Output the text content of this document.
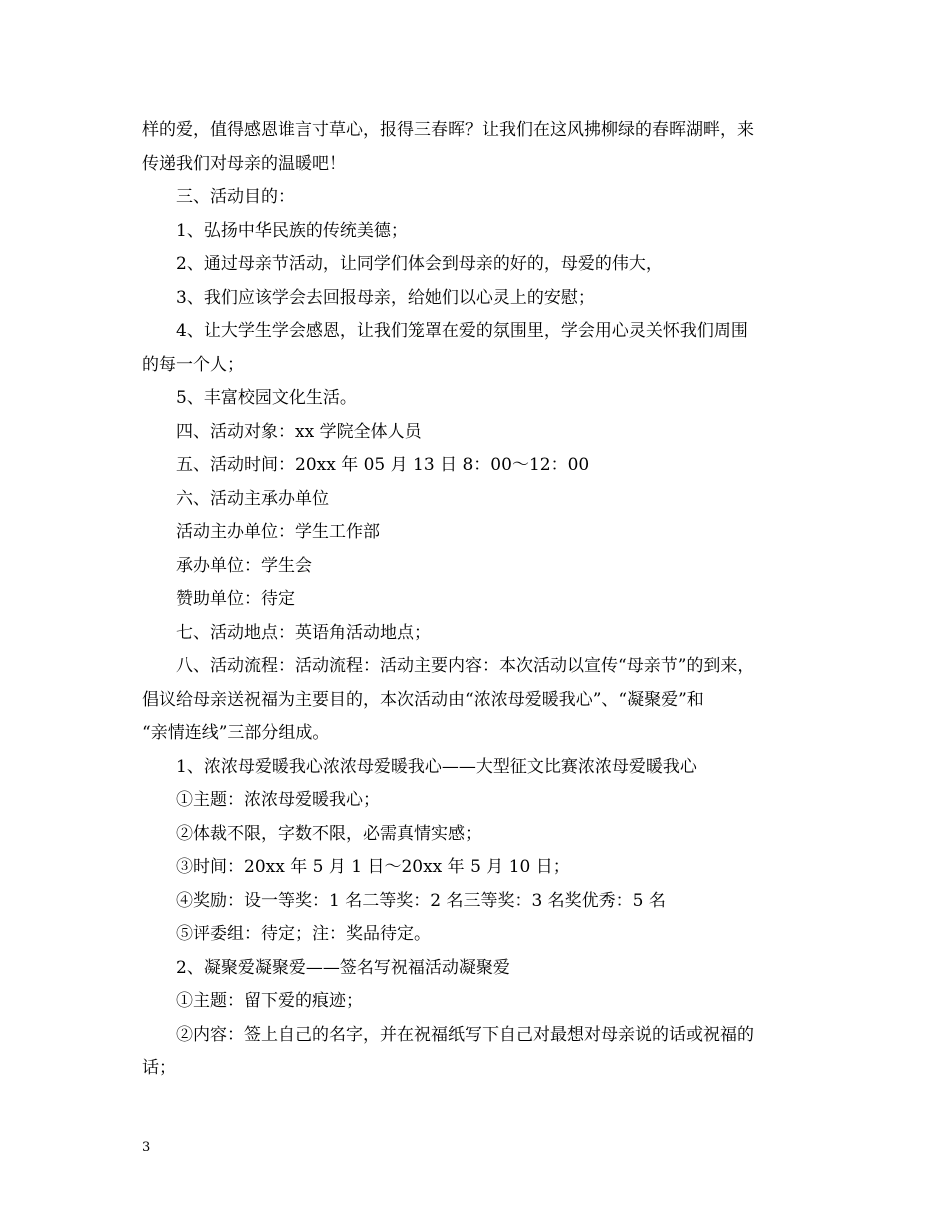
样的爱，值得感恩谁言寸草心，报得三春晖？让我们在这风拂柳绿的春晖湖畔，来
传递我们对母亲的温暖吧！
三、活动目的：
1、弘扬中华民族的传统美德；
2、通过母亲节活动，让同学们体会到母亲的好的，母爱的伟大，
3、我们应该学会去回报母亲，给她们以心灵上的安慰；
4、让大学生学会感恩，让我们笼罩在爱的氛围里，学会用心灵关怀我们周围
的每一个人；
5、丰富校园文化生活。
四、活动对象：xx 学院全体人员
五、活动时间：20xx 年 05 月 13 日 8：00～12：00
六、活动主承办单位
活动主办单位：学生工作部
承办单位：学生会
赞助单位：待定
七、活动地点：英语角活动地点；
八、活动流程：活动流程：活动主要内容：本次活动以宣传“母亲节”的到来，
倡议给母亲送祝福为主要目的，本次活动由“浓浓母爱暖我心”、“凝聚爱”和
“亲情连线”三部分组成。
1、浓浓母爱暖我心浓浓母爱暖我心——大型征文比赛浓浓母爱暖我心
①主题：浓浓母爱暖我心；
②体裁不限，字数不限，必需真情实感；
③时间：20xx 年 5 月 1 日～20xx 年 5 月 10 日；
④奖励：设一等奖：1 名二等奖：2 名三等奖：3 名奖优秀：5 名
⑤评委组：待定；注：奖品待定。
2、凝聚爱凝聚爱——签名写祝福活动凝聚爱
①主题：留下爱的痕迹；
②内容：签上自己的名字，并在祝福纸写下自己对最想对母亲说的话或祝福的
话；
3
